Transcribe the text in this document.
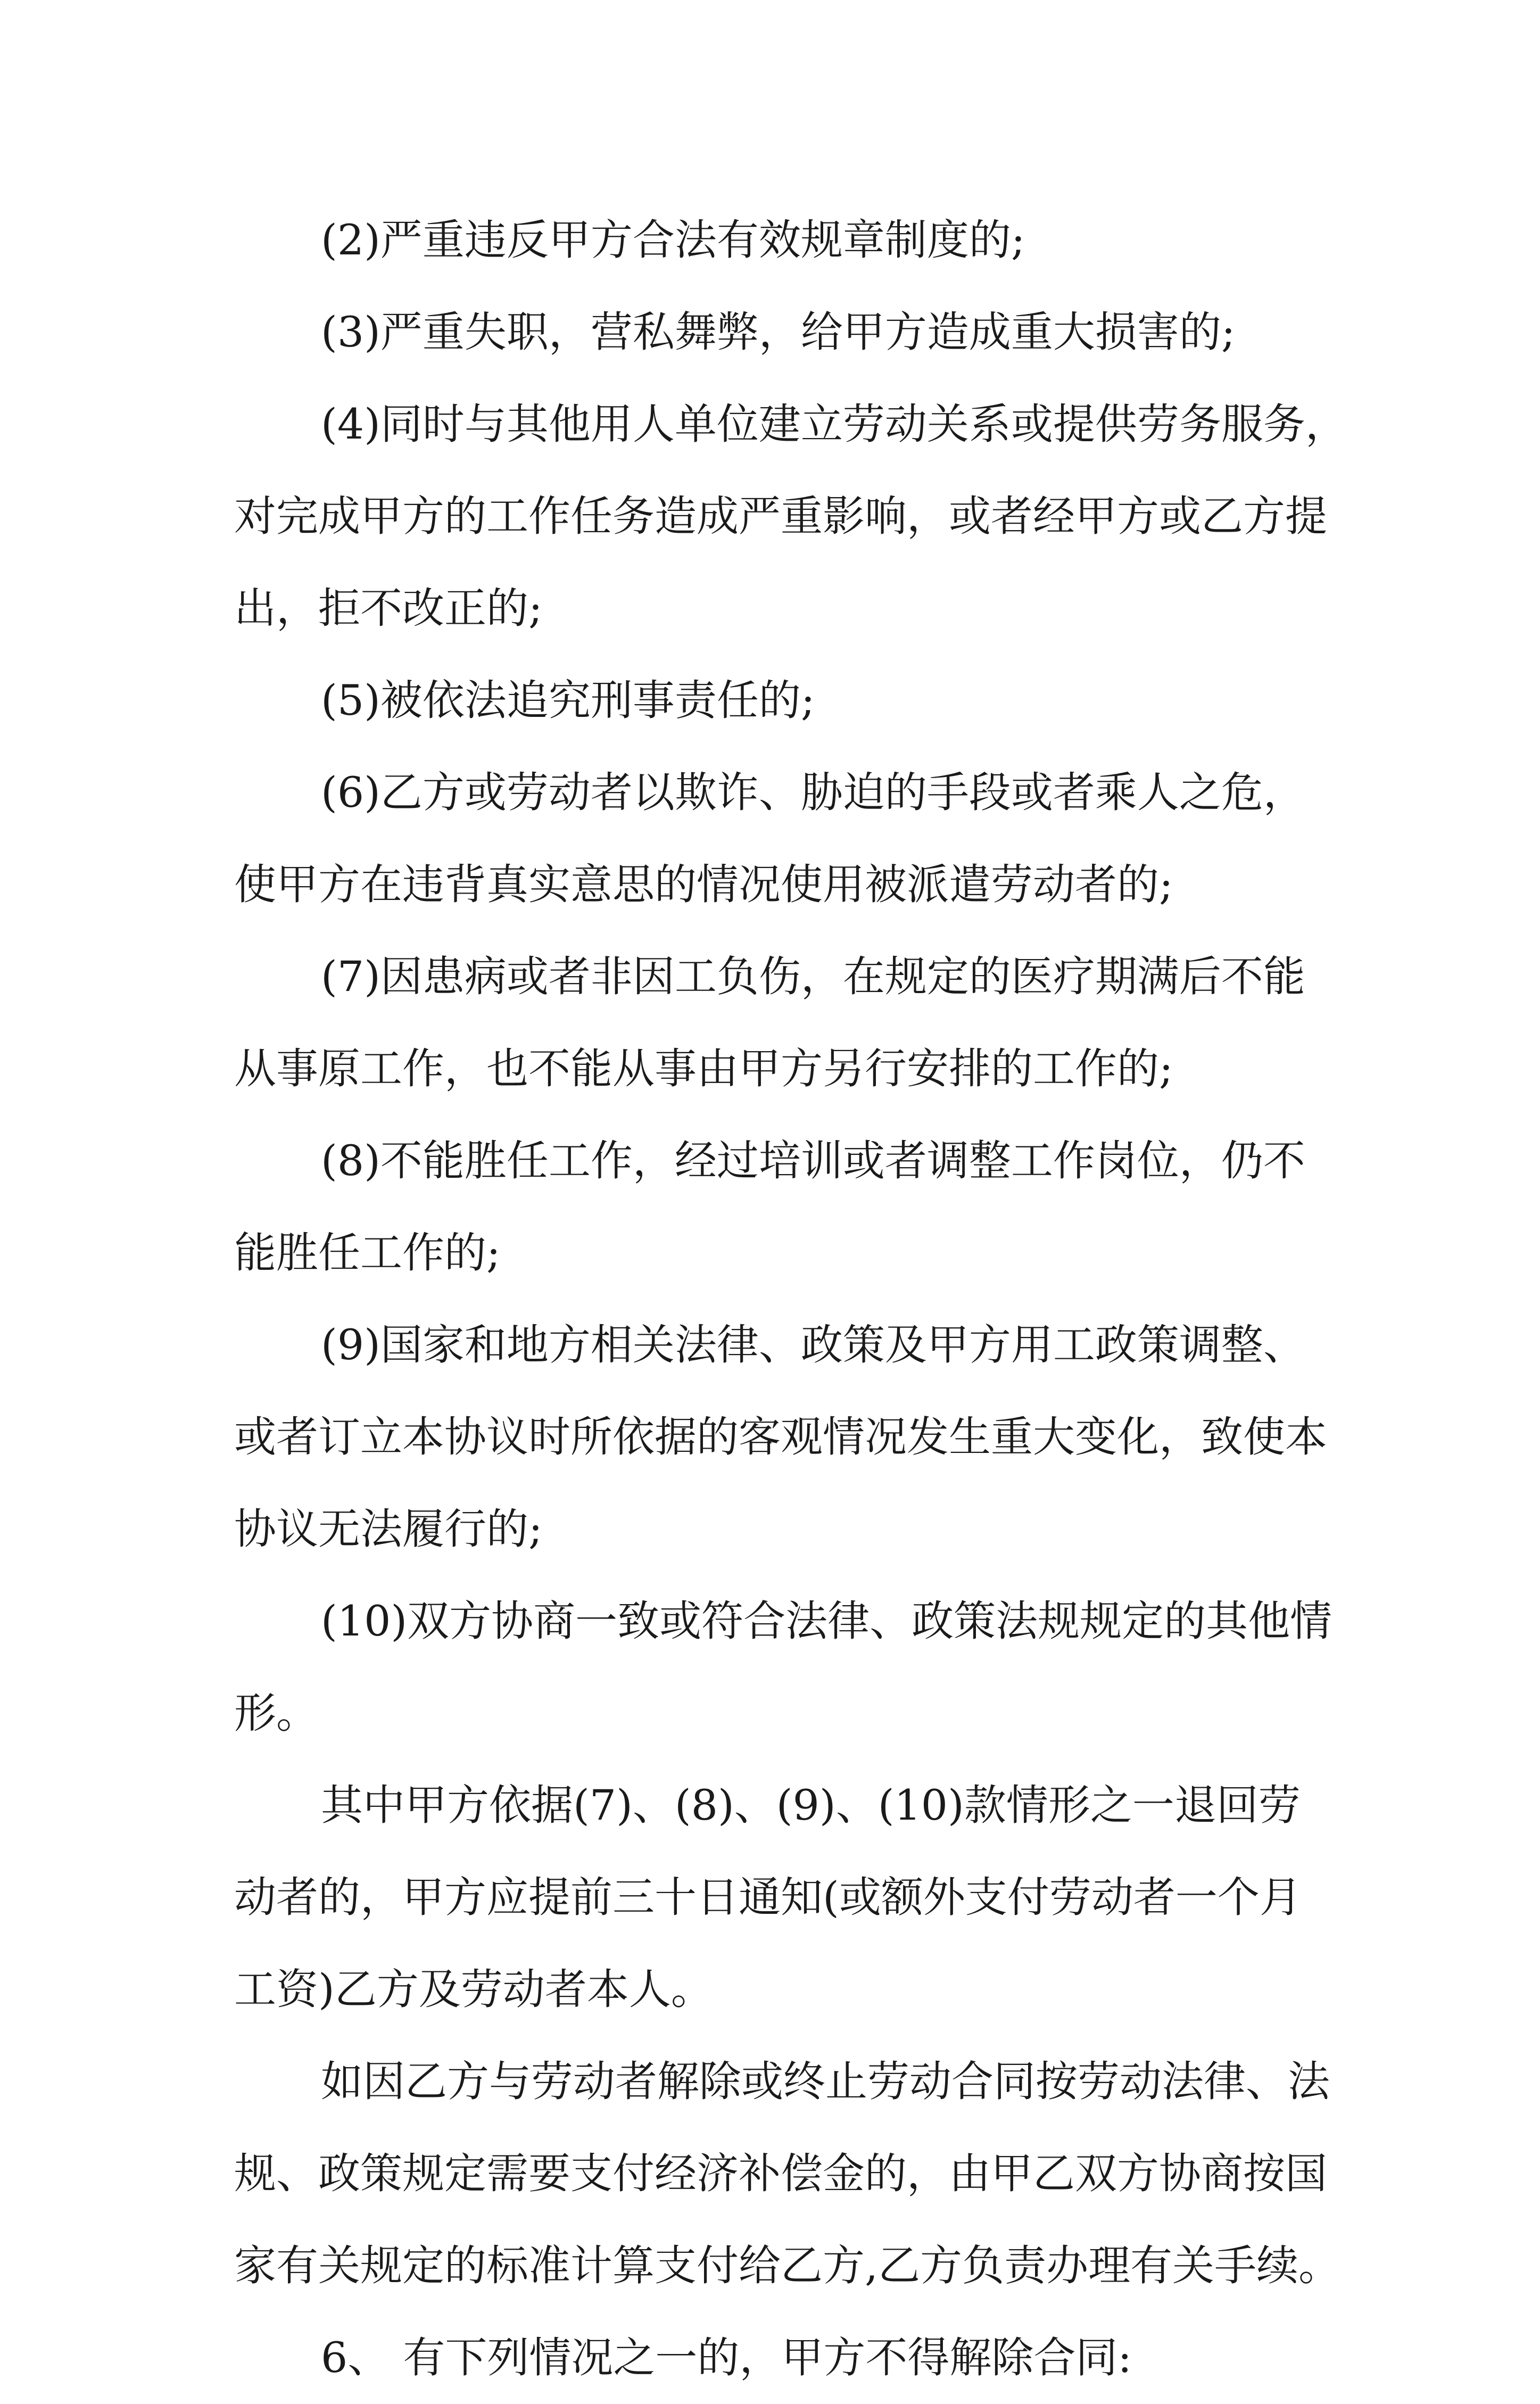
(2)严重违反甲方合法有效规章制度的;
(3)严重失职，营私舞弊，给甲方造成重大损害的;
(4)同时与其他用人单位建立劳动关系或提供劳务服务，
对完成甲方的工作任务造成严重影响，或者经甲方或乙方提
出，拒不改正的;
(5)被依法追究刑事责任的;
(6)乙方或劳动者以欺诈、胁迫的手段或者乘人之危，
使甲方在违背真实意思的情况使用被派遣劳动者的;
(7)因患病或者非因工负伤，在规定的医疗期满后不能
从事原工作，也不能从事由甲方另行安排的工作的;
(8)不能胜任工作，经过培训或者调整工作岗位，仍不
能胜任工作的;
(9)国家和地方相关法律、政策及甲方用工政策调整、
或者订立本协议时所依据的客观情况发生重大变化，致使本
协议无法履行的;
(10)双方协商一致或符合法律、政策法规规定的其他情
形。
其中甲方依据(7)、(8)、(9)、(10)款情形之一退回劳
动者的，甲方应提前三十日通知(或额外支付劳动者一个月
工资)乙方及劳动者本人。
如因乙方与劳动者解除或终止劳动合同按劳动法律、法
规、政策规定需要支付经济补偿金的，由甲乙双方协商按国
家有关规定的标准计算支付给乙方,乙方负责办理有关手续。
6、 有下列情况之一的，甲方不得解除合同:
